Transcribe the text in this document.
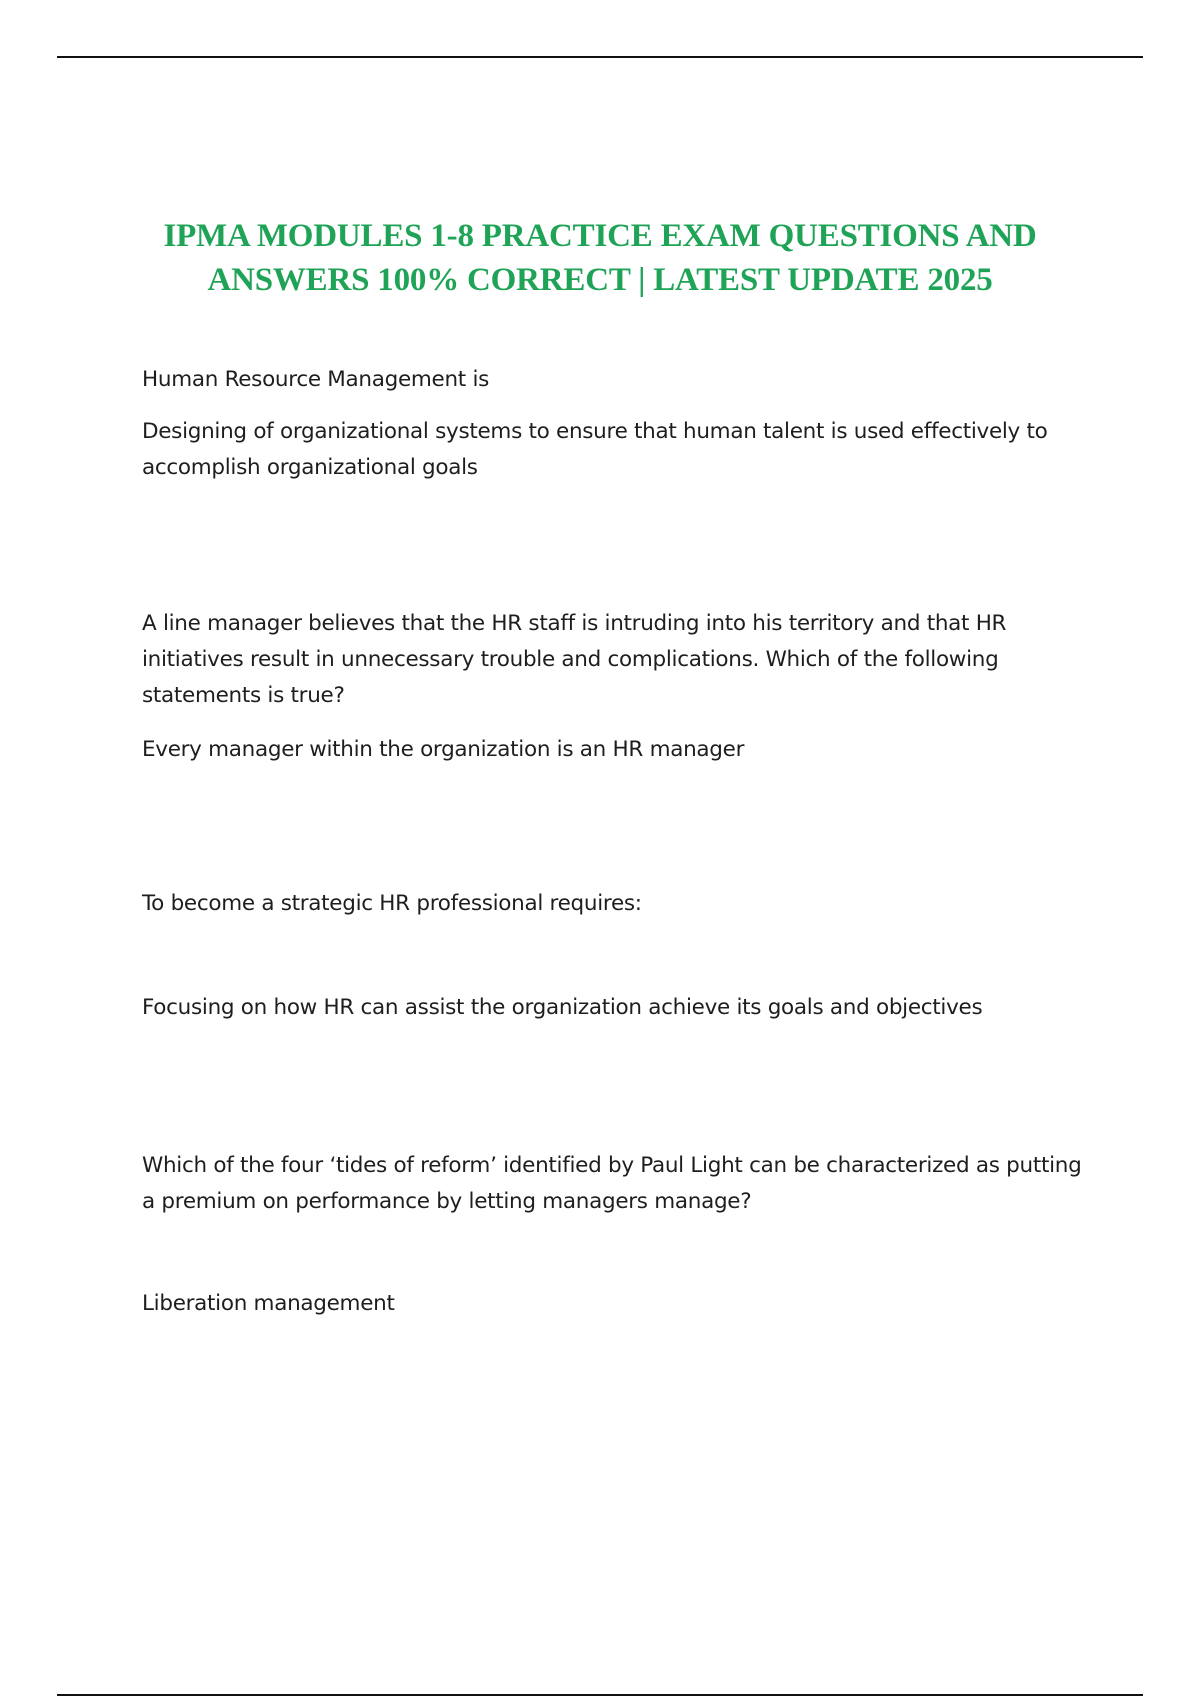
IPMA MODULES 1-8 PRACTICE EXAM QUESTIONS AND ANSWERS 100% CORRECT | LATEST UPDATE 2025

Human Resource Management is

Designing of organizational systems to ensure that human talent is used effectively to accomplish organizational goals

A line manager believes that the HR staff is intruding into his territory and that HR initiatives result in unnecessary trouble and complications. Which of the following statements is true?

Every manager within the organization is an HR manager

To become a strategic HR professional requires:

Focusing on how HR can assist the organization achieve its goals and objectives

Which of the four ‘tides of reform’ identified by Paul Light can be characterized as putting a premium on performance by letting managers manage?

Liberation management
